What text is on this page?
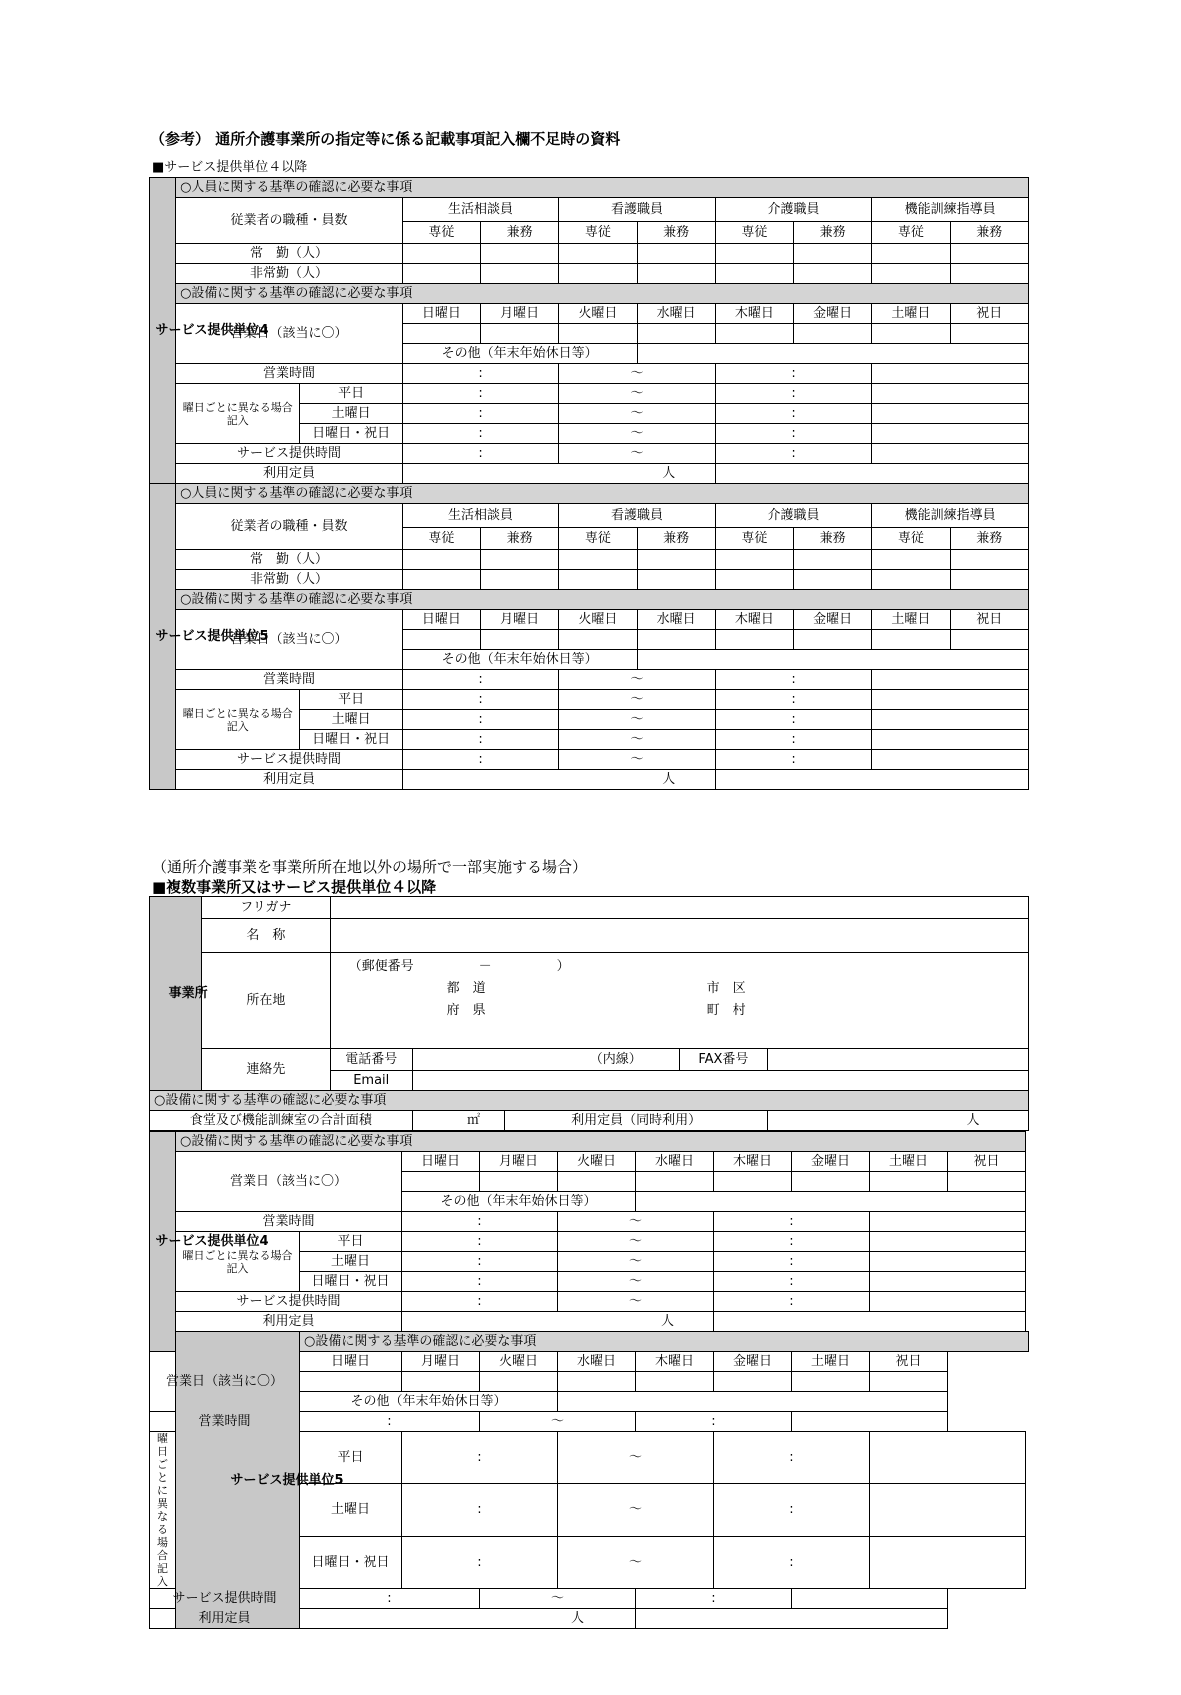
（参考） 通所介護事業所の指定等に係る記載事項記入欄不足時の資料
■サービス提供単位４以降
サービス提供単位4
	○人員に関する基準の確認に必要な事項
従業者の職種・員数	生活相談員	看護職員	介護職員	機能訓練指導員
専従	兼務	専従	兼務	専従	兼務	専従	兼務
常　勤（人）								
非常勤（人）								
○設備に関する基準の確認に必要な事項
営業日（該当に〇）	日曜日	月曜日	火曜日	水曜日	木曜日	金曜日	土曜日	祝日

その他（年末年始休日等）	
営業時間	:	～	:	
曜日ごとに異なる場合記入	平日	:	～	:	
土曜日	:	～	:	
日曜日・祝日	:	～	:	
サービス提供時間	:	～	:	
利用定員	人	

サービス提供単位5
	○人員に関する基準の確認に必要な事項
従業者の職種・員数	生活相談員	看護職員	介護職員	機能訓練指導員
専従	兼務	専従	兼務	専従	兼務	専従	兼務
常　勤（人）								
非常勤（人）								
○設備に関する基準の確認に必要な事項
営業日（該当に〇）	日曜日	月曜日	火曜日	水曜日	木曜日	金曜日	土曜日	祝日

その他（年末年始休日等）	
営業時間	:	～	:	
曜日ごとに異なる場合記入	平日	:	～	:	
土曜日	:	～	:	
日曜日・祝日	:	～	:	
サービス提供時間	:	～	:	
利用定員	人	
（通所介護事業を事業所所在地以外の場所で一部実施する場合）
■複数事業所又はサービス提供単位４以降
事業所
	フリガナ	
名　称	
所在地	
（郵便番号　　　　　－　　　　　）
都　道
府　県
市　区
町　村

連絡先	電話番号	（内線）	FAX番号	
Email	

○設備に関する基準の確認に必要な事項
食堂及び機能訓練室の合計面積	㎡	利用定員（同時利用）	人
サービス提供単位4
	○設備に関する基準の確認に必要な事項
営業日（該当に〇）	日曜日	月曜日	火曜日	水曜日	木曜日	金曜日	土曜日	祝日

その他（年末年始休日等）	
営業時間	:	～	:	
曜日ごとに異なる場合記入	平日	:	～	:	
土曜日	:	～	:	
日曜日・祝日	:	～	:	
サービス提供時間	:	～	:	
利用定員	人	

サービス提供単位5
	○設備に関する基準の確認に必要な事項
営業日（該当に〇）	日曜日	月曜日	火曜日	水曜日	木曜日	金曜日	土曜日	祝日

その他（年末年始休日等）	
営業時間	:	～	:	
曜日ごとに異なる場合記入	平日	:	～	:	
土曜日	:	～	:	
日曜日・祝日	:	～	:	
サービス提供時間	:	～	:	
利用定員	人	
